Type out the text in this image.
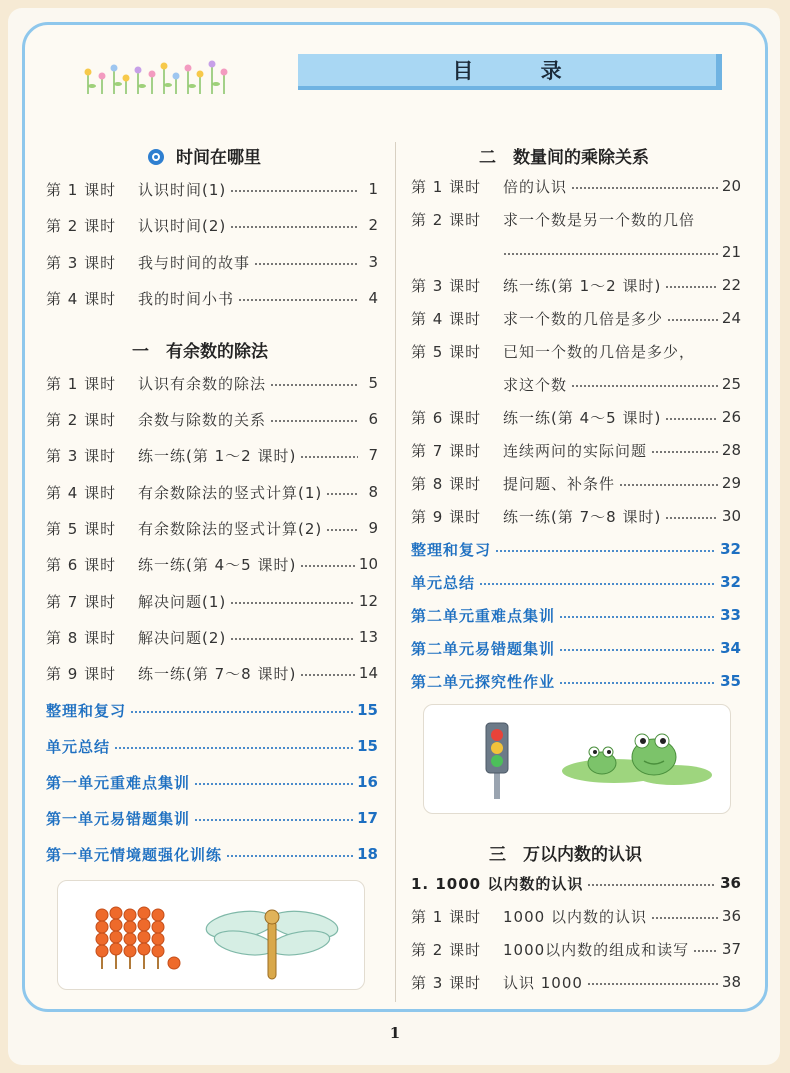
目 录
时间在哪里
第 1 课时	认识时间(1)	1
第 2 课时	认识时间(2)	2
第 3 课时	我与时间的故事	3
第 4 课时	我的时间小书	4
一　有余数的除法
第 1 课时	认识有余数的除法	5
第 2 课时	余数与除数的关系	6
第 3 课时	练一练(第 1～2 课时)	7
第 4 课时	有余数除法的竖式计算(1)	8
第 5 课时	有余数除法的竖式计算(2)	9
第 6 课时	练一练(第 4～5 课时)	10
第 7 课时	解决问题(1)	12
第 8 课时	解决问题(2)	13
第 9 课时	练一练(第 7～8 课时)	14
整理和复习	15
单元总结	15
第一单元重难点集训	16
第一单元易错题集训	17
第一单元情境题强化训练	18
二　数量间的乘除关系
第 1 课时	倍的认识	20
第 2 课时	求一个数是另一个数的几倍
21
第 3 课时	练一练(第 1～2 课时)	22
第 4 课时	求一个数的几倍是多少	24
第 5 课时	已知一个数的几倍是多少，
求这个数	25
第 6 课时	练一练(第 4～5 课时)	26
第 7 课时	连续两问的实际问题	28
第 8 课时	提问题、补条件	29
第 9 课时	练一练(第 7～8 课时)	30
整理和复习	32
单元总结	32
第二单元重难点集训	33
第二单元易错题集训	34
第二单元探究性作业	35
三　万以内数的认识
1. 1000 以内数的认识	36
第 1 课时	1000 以内数的认识	36
第 2 课时	1000以内数的组成和读写 37
第 3 课时	认识 1000	38
1
